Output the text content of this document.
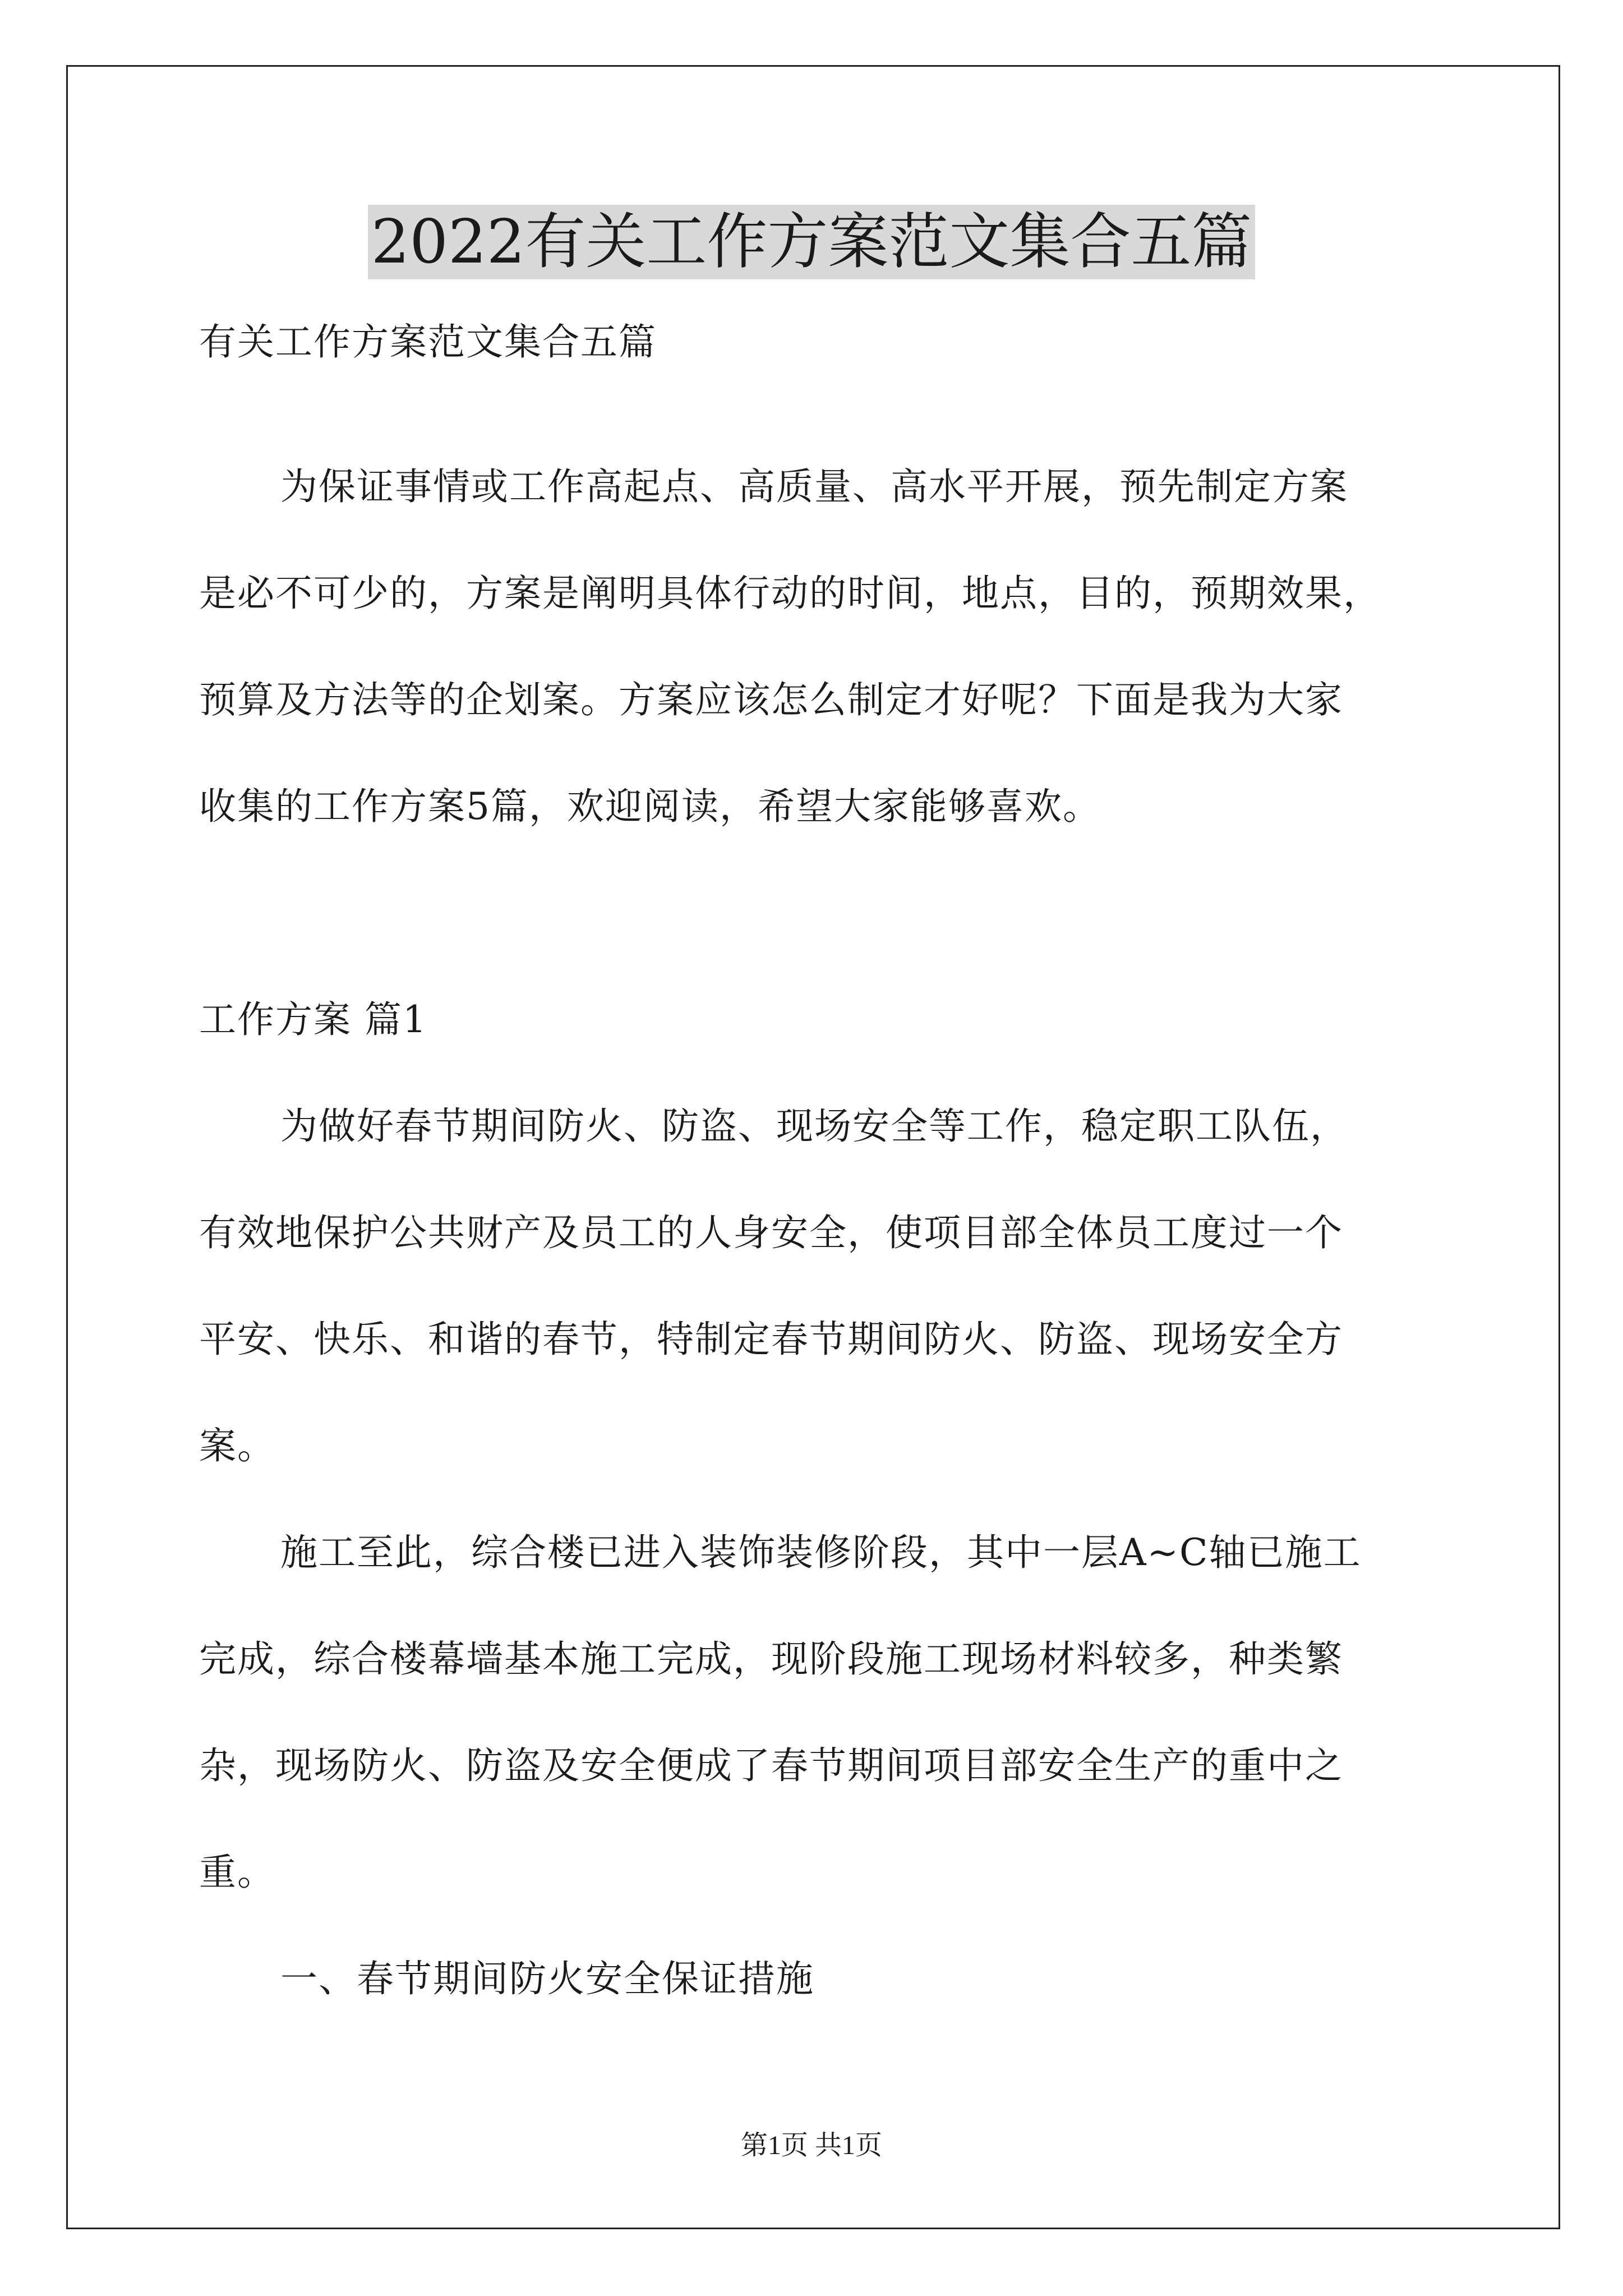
2022有关工作方案范文集合五篇
有关工作方案范文集合五篇
为保证事情或工作高起点、高质量、高水平开展，预先制定方案
是必不可少的，方案是阐明具体行动的时间，地点，目的，预期效果，
预算及方法等的企划案。方案应该怎么制定才好呢？下面是我为大家
收集的工作方案5篇，欢迎阅读，希望大家能够喜欢。
工作方案 篇1
为做好春节期间防火、防盗、现场安全等工作，稳定职工队伍，
有效地保护公共财产及员工的人身安全，使项目部全体员工度过一个
平安、快乐、和谐的春节，特制定春节期间防火、防盗、现场安全方
案。
施工至此，综合楼已进入装饰装修阶段，其中一层A~C轴已施工
完成，综合楼幕墙基本施工完成，现阶段施工现场材料较多，种类繁
杂，现场防火、防盗及安全便成了春节期间项目部安全生产的重中之
重。
一、春节期间防火安全保证措施
第1页 共1页
